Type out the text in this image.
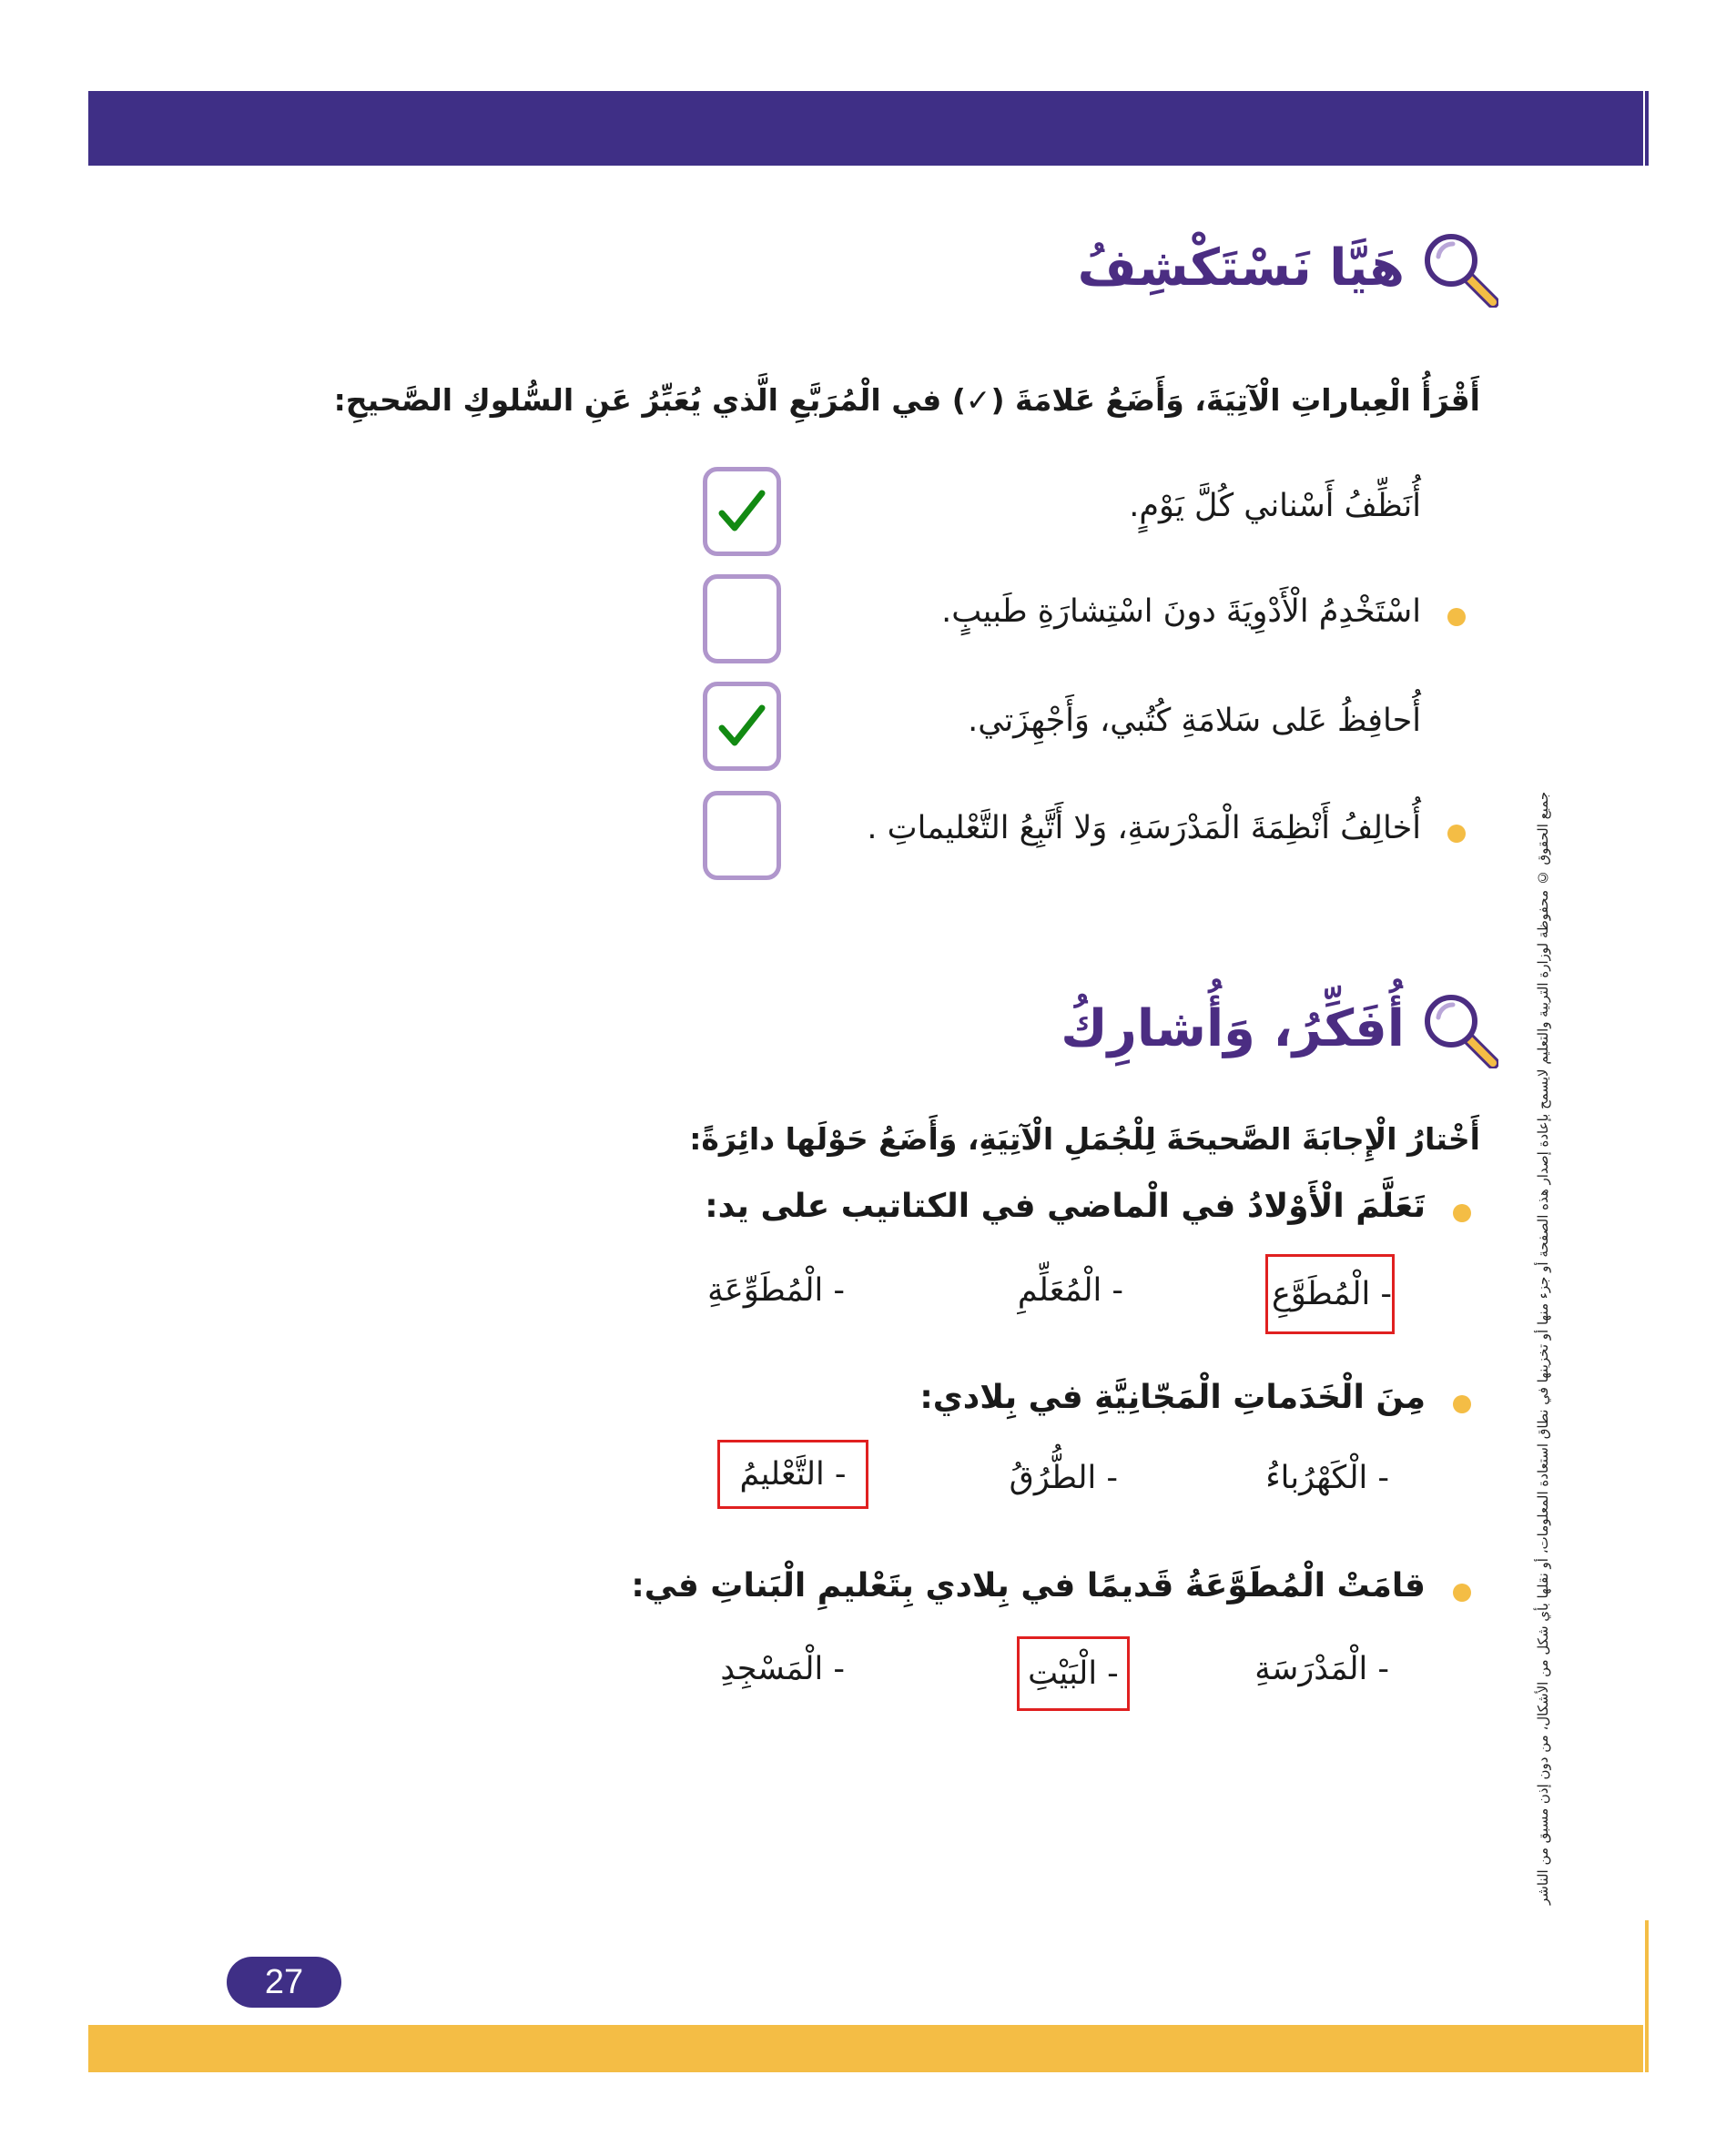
هَيَّا نَسْتَكْشِفُ
أَقْرَأُ الْعِباراتِ الْآتِيَةَ، وَأَضَعُ عَلامَةَ (✓) في الْمُرَبَّعِ الَّذي يُعَبِّرُ عَنِ السُّلوكِ الصَّحيحِ:
أُنَظِّفُ أَسْناني كُلَّ يَوْمٍ.
اسْتَخْدِمُ الْأَدْوِيَةَ دونَ اسْتِشارَةِ طَبيبٍ.
أُحافِظُ عَلى سَلامَةِ كُتُبي، وَأَجْهِزَتي.
أُخالِفُ أَنْظِمَةَ الْمَدْرَسَةِ، وَلا أَتَّبِعُ التَّعْليماتِ .
أُفَكِّرُ، وَأُشارِكُ
أَخْتارُ الْإِجابَةَ الصَّحيحَةَ لِلْجُمَلِ الْآتِيَةِ، وَأَضَعُ حَوْلَها دائِرَةً:
تَعَلَّمَ الْأَوْلادُ في الْماضي في الكتاتيب على يد:
- الْمُطَوَّعِ
- الْمُعَلِّمِ
- الْمُطَوِّعَةِ
مِنَ الْخَدَماتِ الْمَجّانِيَّةِ في بِلادي:
- الْكَهْرُباءُ
- الطُّرُقُ
- التَّعْليمُ
قامَتْ الْمُطَوَّعَةُ قَديمًا في بِلادي بِتَعْليمِ الْبَناتِ في:
- الْمَدْرَسَةِ
- الْبَيْتِ
- الْمَسْجِدِ	جميع الحقوق © محفوظة لوزارة التربية والتعليم لايسمح بإعادة إصدار هذه الصفحة أو جزء منها أو تخزينها في نطاق استعادة المعلومات، أو نقلها بأي شكل من الأشكال، من دون إذن مسبق من الناشر
27
